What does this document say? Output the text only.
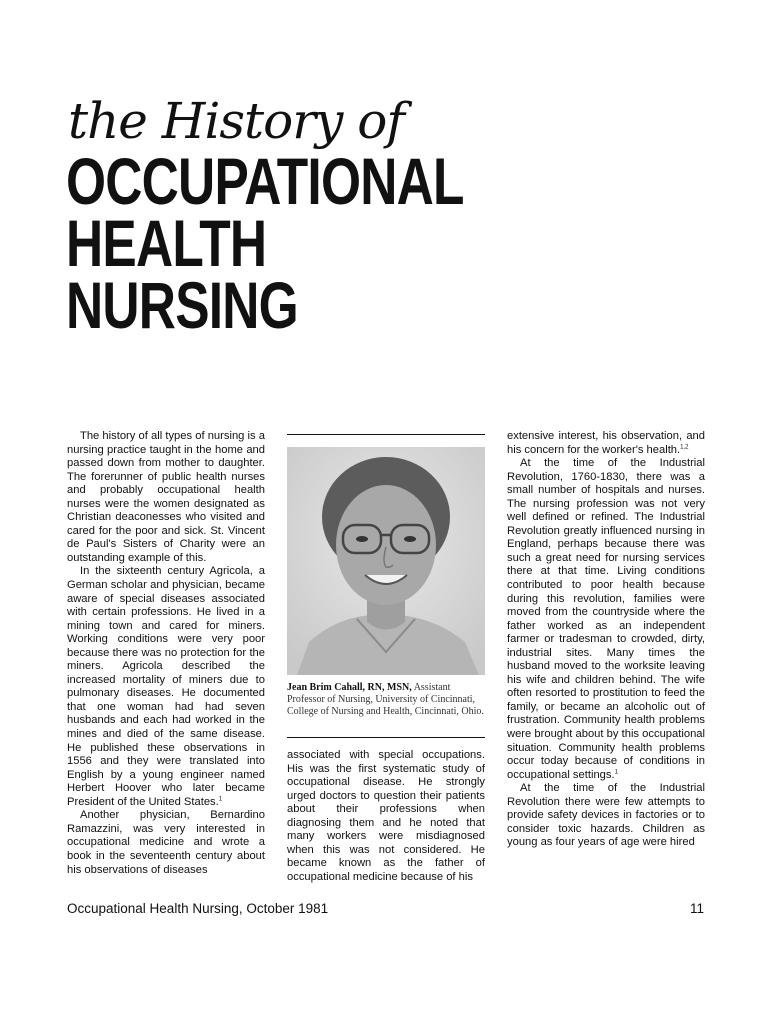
the History of
OCCUPATIONAL
HEALTH
NURSING

The history of all types of nursing is a nursing practice taught in the home and passed down from mother to daughter. The forerunner of public health nurses and probably occupational health nurses were the women designated as Christian deaconesses who visited and cared for the poor and sick. St. Vincent de Paul's Sisters of Charity were an outstanding example of this.

In the sixteenth century Agricola, a German scholar and physician, became aware of special diseases associated with certain professions. He lived in a mining town and cared for miners. Working conditions were very poor because there was no protection for the miners. Agricola described the increased mortality of miners due to pulmonary diseases. He documented that one woman had had seven husbands and each had worked in the mines and died of the same disease. He published these observations in 1556 and they were translated into English by a young engineer named Herbert Hoover who later became President of the United States.$^1$

Another physician, Bernardino Ramazzini, was very interested in occupational medicine and wrote a book in the seventeenth century about his observations of diseases

Jean Brim Cahall, RN, MSN, Assistant Professor of Nursing, University of Cincinnati, College of Nursing and Health, Cincinnati, Ohio.

associated with special occupations. His was the first systematic study of occupational disease. He strongly urged doctors to question their patients about their professions when diagnosing them and he noted that many workers were misdiagnosed when this was not considered. He became known as the father of occupational medicine because of his

extensive interest, his observation, and his concern for the worker's health.$^{1,2}$

At the time of the Industrial Revolution, 1760-1830, there was a small number of hospitals and nurses. The nursing profession was not very well defined or refined. The Industrial Revolution greatly influenced nursing in England, perhaps because there was such a great need for nursing services there at that time. Living conditions contributed to poor health because during this revolution, families were moved from the countryside where the father worked as an independent farmer or tradesman to crowded, dirty, industrial sites. Many times the husband moved to the worksite leaving his wife and children behind. The wife often resorted to prostitution to feed the family, or became an alcoholic out of frustration. Community health problems were brought about by this occupational situation. Community health problems occur today because of conditions in occupational settings.$^1$

At the time of the Industrial Revolution there were few attempts to provide safety devices in factories or to consider toxic hazards. Children as young as four years of age were hired

Occupational Health Nursing, October 1981	11
